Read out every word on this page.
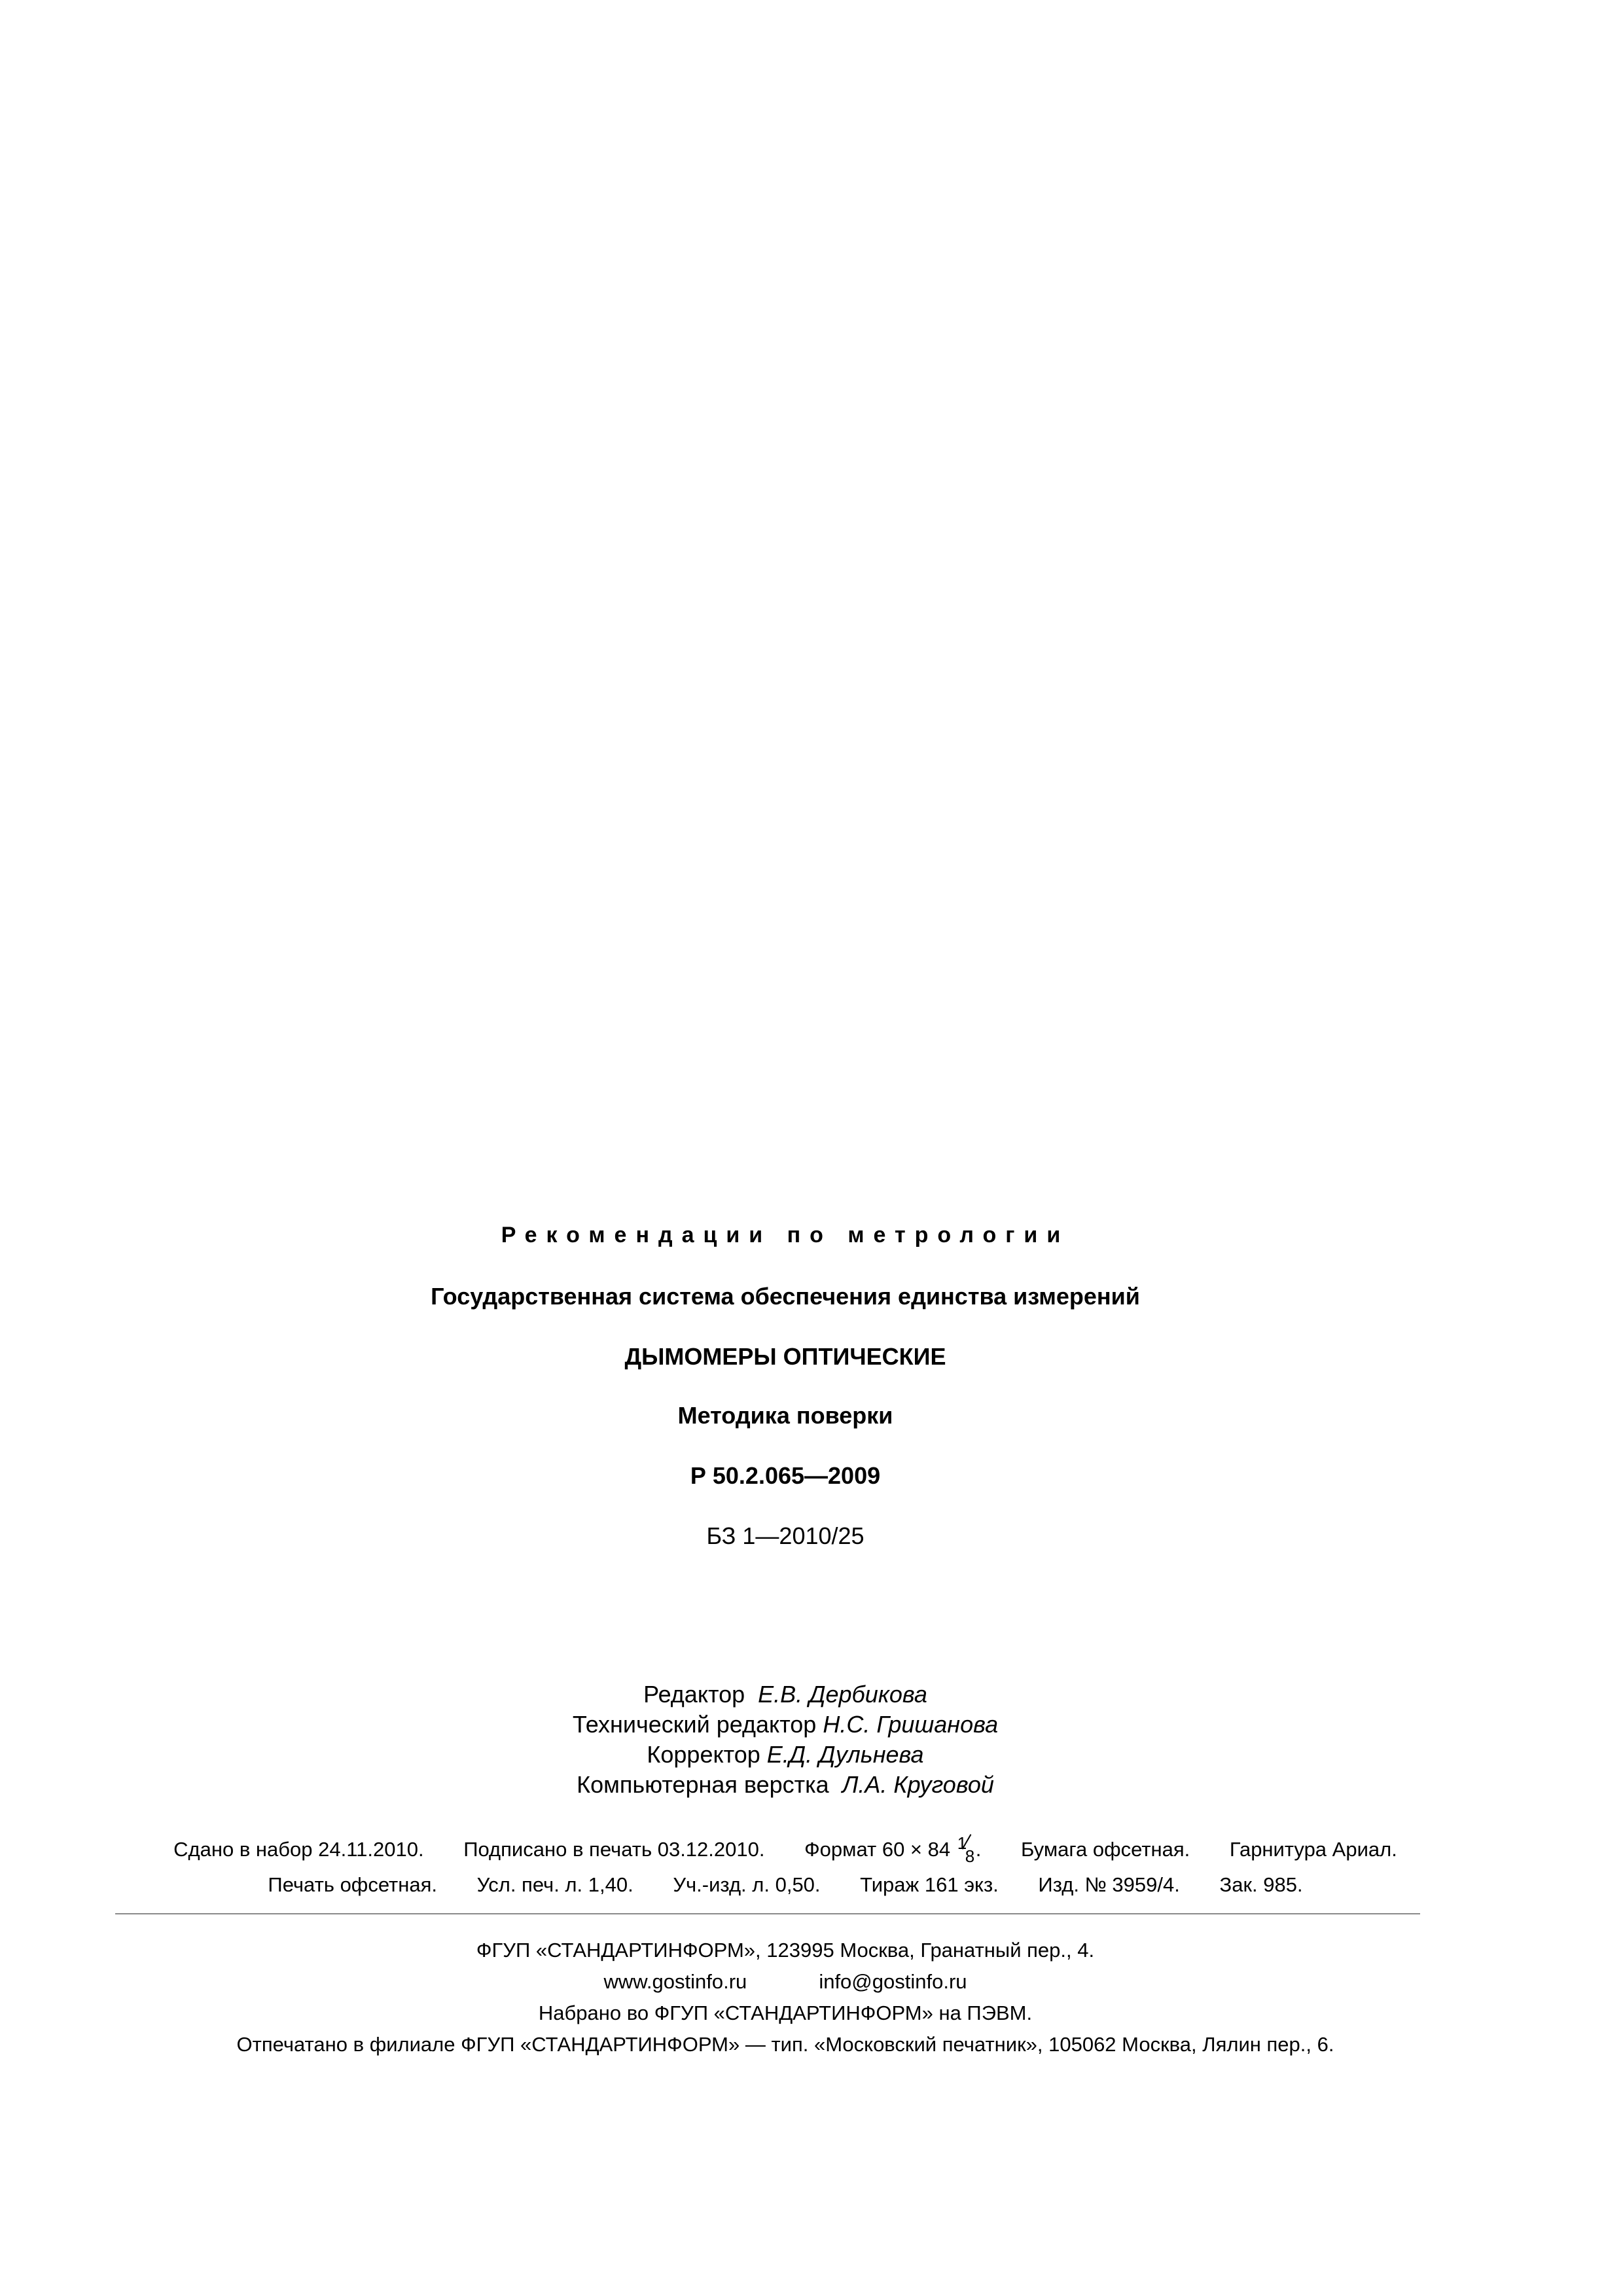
Рекомендации по метрологии
Государственная система обеспечения единства измерений
ДЫМОМЕРЫ ОПТИЧЕСКИЕ
Методика поверки
Р 50.2.065—2009
БЗ 1—2010/25
Редактор Е.В. Дербикова
Технический редактор Н.С. Гришанова
Корректор Е.Д. Дульнева
Компьютерная верстка Л.А. Круговой
Сдано в набор 24.11.2010. Подписано в печать 03.12.2010. Формат 60 × 84 1
8 . Бумага офсетная. Гарнитура Ариал.
Печать офсетная. Усл. печ. л. 1,40. Уч.-изд. л. 0,50. Тираж 161 экз. Изд. № 3959/4. Зак. 985.
ФГУП «СТАНДАРТИНФОРМ», 123995 Москва, Гранатный пер., 4.
www.gostinfo.ru	info@gostinfo.ru
Набрано во ФГУП «СТАНДАРТИНФОРМ» на ПЭВМ.
Отпечатано в филиале ФГУП «СТАНДАРТИНФОРМ» — тип. «Московский печатник», 105062 Москва, Лялин пер., 6.
